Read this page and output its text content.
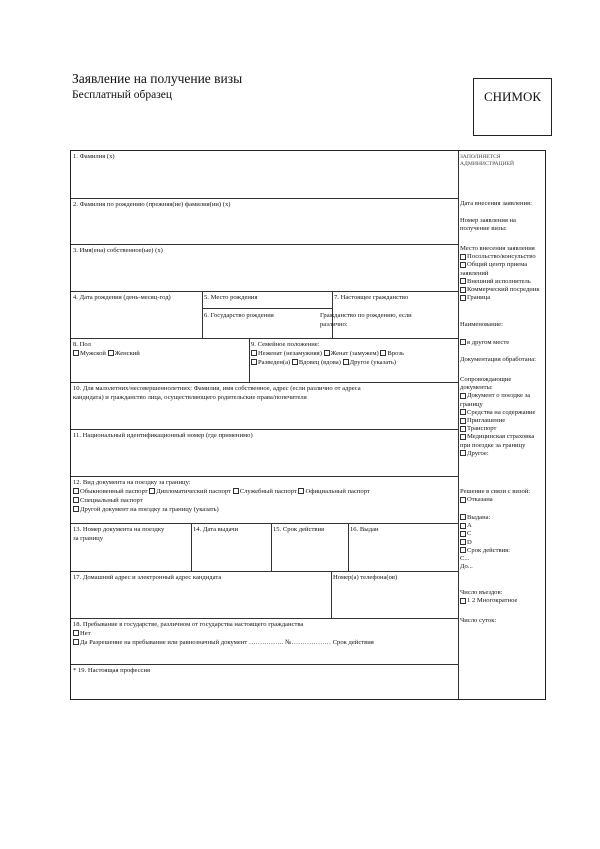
Заявление на получение визы
Бесплатный образец	СНИМОК
1. Фамилия (х)
2. Фамилия по рождению (прежняя(ие) фамилия(ии) (х)
3. Имя(ена) собственное(ые) (х)
4. Дата рождения (день-месяц-год)	5. Место рождения
6. Государство рождения
7. Настоящее гражданство
Гражданство по рождению, если
различно:
8. Пол
Мужской Женский
9. Семейное положение:
Неженат (незамужняя) Женат (замужем) Врозь
Разведен(а) Вдовец (вдова) Другое (указать)
10. Для малолетних/несовершеннолетних: Фамилия, имя собственное, адрес (если различно от адреса
кандидата) и гражданство лица, осуществляющего родительские права/попечителя
11. Национальный идентификационный номер (где применимо)
12. Вид документа на поездку за границу:
Обыкновенный паспорт Дипломатический паспорт Служебный паспорт Официальный паспорт
Специальный паспорт
Другой документ на поездку за границу (указать)
13. Номер документа на поездку
за границу
14. Дата выдачи	15. Срок действия	16. Выдан
17. Домашний адрес и электронный адрес кандидата	Номер(а) телефона(ов)
18. Пребывание в государстве, различном от государства настоящего гражданства
Нет
Да Разрешение на пребывание или равнозначный документ ……………. №……………… Срок действия
* 19. Настоящая профессия
ЗАПОЛНЯЕТСЯ
АДМИНИСТРАЦИЕЙ
Дата внесения заявления:
Номер заявления на
получение визы:
Место внесения заявления
Посольство/консульство
Общий центр приема
заявлений
Внешний исполнитель
Коммерческий посредник
Граница
Наименование:
в другом месте
Документация обработана:
Сопровождающие
документы:
Документ о поездке за
границу
Средства на содержание
Приглашение
Транспорт
Медицинская страховка
при поездке за границу
Другое:
Решение в связи с визой:
Отказана
Выдана:
A
C
D
Срок действия:
С...
До...
Число въездов:
1 2 Многократное
Число суток:
